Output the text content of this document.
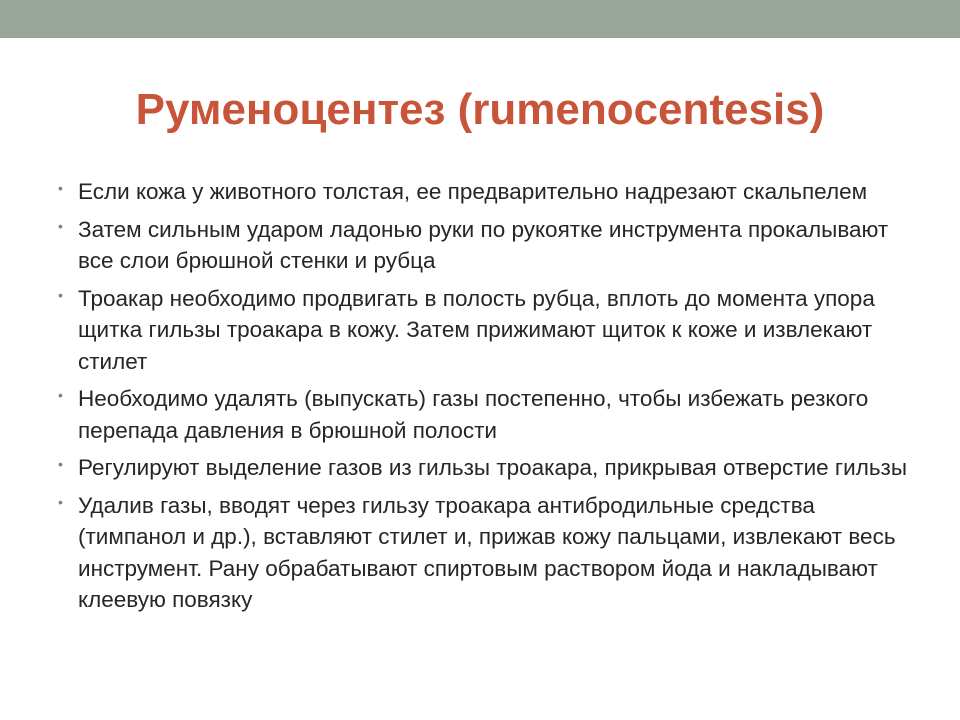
Руменоцентез (rumenocentesis)
• Если кожа у животного толстая, ее предварительно надрезают скальпелем
• Затем сильным ударом ладонью руки по рукоятке инструмента прокалывают все слои брюшной стенки и рубца
• Троакар необходимо продвигать в полость рубца, вплоть до момента упора щитка гильзы троакара в кожу. Затем прижимают щиток к коже и извлекают стилет
• Необходимо удалять (выпускать) газы постепенно, чтобы избежать резкого перепада давления в брюшной полости
• Регулируют выделение газов из гильзы троакара, прикрывая отверстие гильзы
• Удалив газы, вводят через гильзу троакара антибродильные средства (тимпанол и др.), вставляют стилет и, прижав кожу пальцами, извлекают весь инструмент. Рану обрабатывают спиртовым раствором йода и накладывают клеевую повязку
